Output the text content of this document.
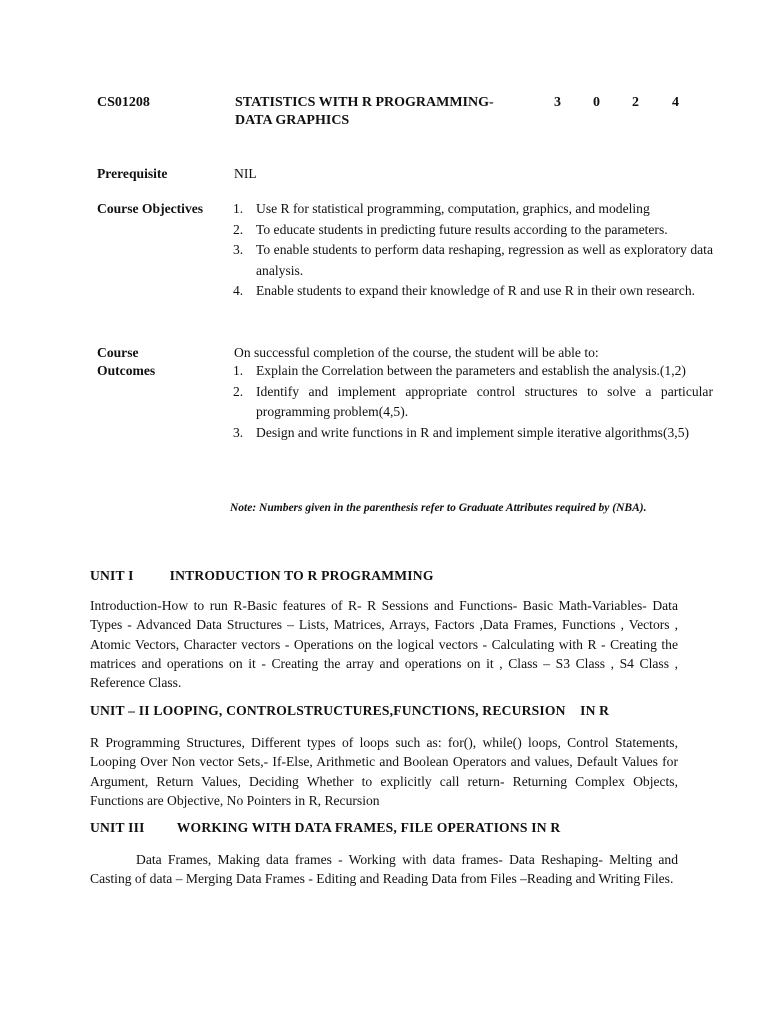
CS01208	STATISTICS WITH R PROGRAMMING-
DATA GRAPHICS
3 0 2 4
Prerequisite	NIL
Course Objectives 1. Use R for statistical programming, computation, graphics, and modeling
2. To educate students in predicting future results according to the parameters.
3. To enable students to perform data reshaping, regression as well as exploratory data analysis.
4. Enable students to expand their knowledge of R and use R in their own research.
Course
Outcomes
On successful completion of the course, the student will be able to:
1. Explain the Correlation between the parameters and establish the analysis.(1,2)
2. Identify and implement appropriate control structures to solve a particular programming problem(4,5).
3. Design and write functions in R and implement simple iterative algorithms(3,5)
Note: Numbers given in the parenthesis refer to Graduate Attributes required by (NBA).
UNIT I          INTRODUCTION TO R PROGRAMMING
Introduction-How to run R-Basic features of R- R Sessions and Functions- Basic Math-Variables- Data Types - Advanced Data Structures – Lists, Matrices, Arrays, Factors ,Data Frames, Functions , Vectors , Atomic Vectors, Character vectors - Operations on the logical vectors - Calculating with R - Creating the matrices and operations on it - Creating the array and operations on it , Class – S3 Class , S4 Class , Reference Class.
UNIT – II LOOPING, CONTROLSTRUCTURES,FUNCTIONS, RECURSION    IN R
R Programming Structures, Different types of loops such as: for(), while() loops, Control Statements, Looping Over Non vector Sets,- If-Else, Arithmetic and Boolean Operators and values, Default Values for Argument, Return Values, Deciding Whether to explicitly call return- Returning Complex Objects, Functions are Objective, No Pointers in R, Recursion
UNIT III         WORKING WITH DATA FRAMES, FILE OPERATIONS IN R
Data Frames, Making data frames - Working with data frames- Data Reshaping- Melting and Casting of data – Merging Data Frames - Editing and Reading Data from Files –Reading and Writing Files.
